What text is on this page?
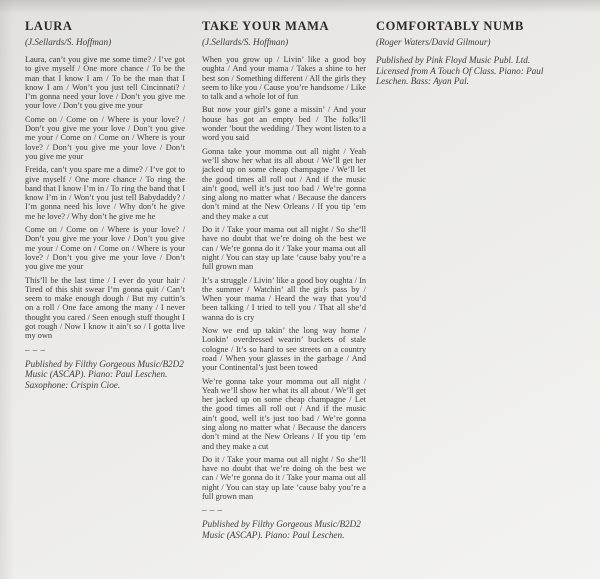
LAURA

(J.Sellards/S. Hoffman)

Laura, can’t you give me some time? / I’ve got to give myself / One more chance / To be the man that I know I am / To be the man that I know I am / Won’t you just tell Cincinnati? / I’m gonna need your love / Don’t you give me your love / Don’t you give me your

Come on / Come on / Where is your love? / Don’t you give me your love / Don’t you give me your / Come on / Come on / Where is your love? / Don’t you give me your love / Don’t you give me your

Freida, can’t you spare me a dime? / I’ve got to give myself / One more chance / To ring the band that I know I’m in / To ring the band that I know I’m in / Won’t you just tell Babydaddy? / I’m gonna need his love / Why don’t he give me he love? / Why don’t he give me he

Come on / Come on / Where is your love? / Don’t you give me your love / Don’t you give me your / Come on / Come on / Where is your love? / Don’t you give me your love / Don’t you give me your

This’ll be the last time / I ever do your hair / Tired of this shit swear I’m gonna quit / Can’t seem to make enough dough / But my cuttin’s on a roll / One face among the many / I never thought you cared / Seen enough stuff thought I got rough / Now I know it ain’t so / I gotta live my own

– – –

Published by Filthy Gorgeous Music/B2D2 Music (ASCAP). Piano: Paul Leschen. Saxophone: Crispin Cioe.

TAKE YOUR MAMA

(J.Sellards/S. Hoffman)

When you grow up / Livin’ like a good boy oughta / And your mama / Takes a shine to her best son / Something different / All the girls they seem to like you / Cause you’re handsome / Like to talk and a whole lot of fun

But now your girl’s gone a missin’ / And your house has got an empty bed / The folks’ll wonder ’bout the wedding / They wont listen to a word you said

Gonna take your momma out all night / Yeah we’ll show her what its all about / We’ll get her jacked up on some cheap champagne / We’ll let the good times all roll out / And if the music ain’t good, well it’s just too bad / We’re gonna sing along no matter what / Because the dancers don’t mind at the New Orleans / If you tip ’em and they make a cut

Do it / Take your mama out all night / So she’ll have no doubt that we’re doing oh the best we can / We’re gonna do it / Take your mama out all night / You can stay up late ’cause baby you’re a full grown man

It’s a struggle / Livin’ like a good boy oughta / In the summer / Watchin’ all the girls pass by / When your mama / Heard the way that you’d been talking / I tried to tell you / That all she’d wanna do is cry

Now we end up takin’ the long way home / Lookin’ overdressed wearin’ buckets of stale cologne / It’s so hard to see streets on a country road / When your glasses in the garbage / And your Continental’s just been towed

We’re gonna take your momma out all night / Yeah we’ll show her what its all about / We’ll get her jacked up on some cheap champagne / Let the good times all roll out / And if the music ain’t good, well it’s just too bad / We’re gonna sing along no matter what / Because the dancers don’t mind at the New Orleans / If you tip ’em and they make a cut

Do it / Take your mama out all night / So she’ll have no doubt that we’re doing oh the best we can / We’re gonna do it / Take your mama out all night / You can stay up late ’cause baby you’re a full grown man

– – –

Published by Filthy Gorgeous Music/B2D2 Music (ASCAP). Piano: Paul Leschen.

COMFORTABLY NUMB

(Roger Waters/David Gilmour)

Published by Pink Floyd Music Publ. Ltd. Licensed from A Touch Of Class. Piano: Paul Leschen. Bass: Ayan Pal.
